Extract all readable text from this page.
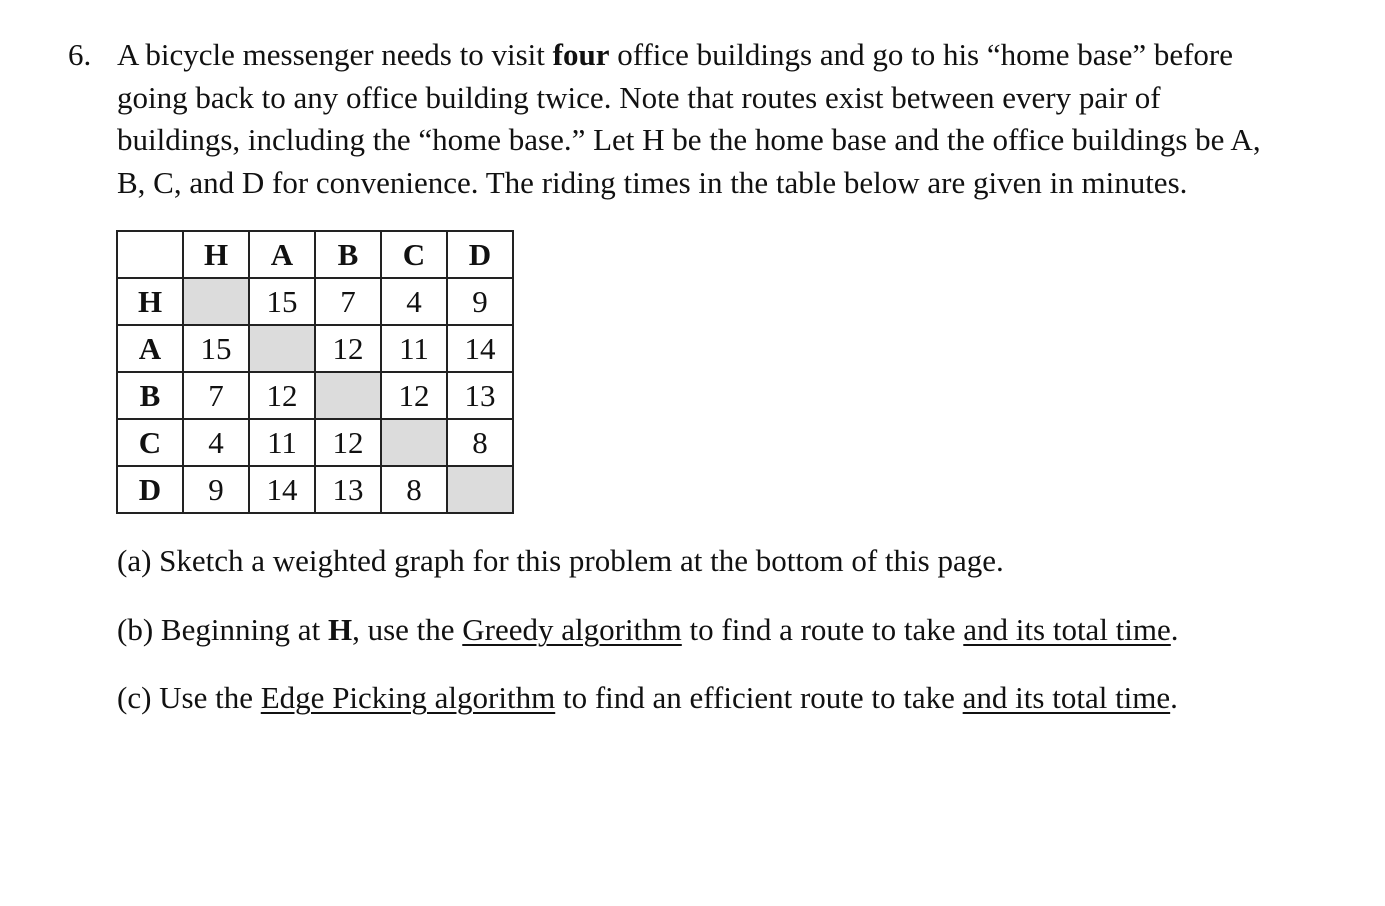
6. A bicycle messenger needs to visit four office buildings and go to his “home base” before
going back to any office building twice. Note that routes exist between every pair of
buildings, including the “home base.” Let H be the home base and the office buildings be A,
B, C, and D for convenience. The riding times in the table below are given in minutes.
	H	A	B	C	D
H		15	7	4	9
A	15		12	11	14
B	7	12		12	13
C	4	11	12		8
D	9	14	13	8	
(a) Sketch a weighted graph for this problem at the bottom of this page.
(b) Beginning at H, use the Greedy algorithm to find a route to take and its total time.
(c) Use the Edge Picking algorithm to find an efficient route to take and its total time.
